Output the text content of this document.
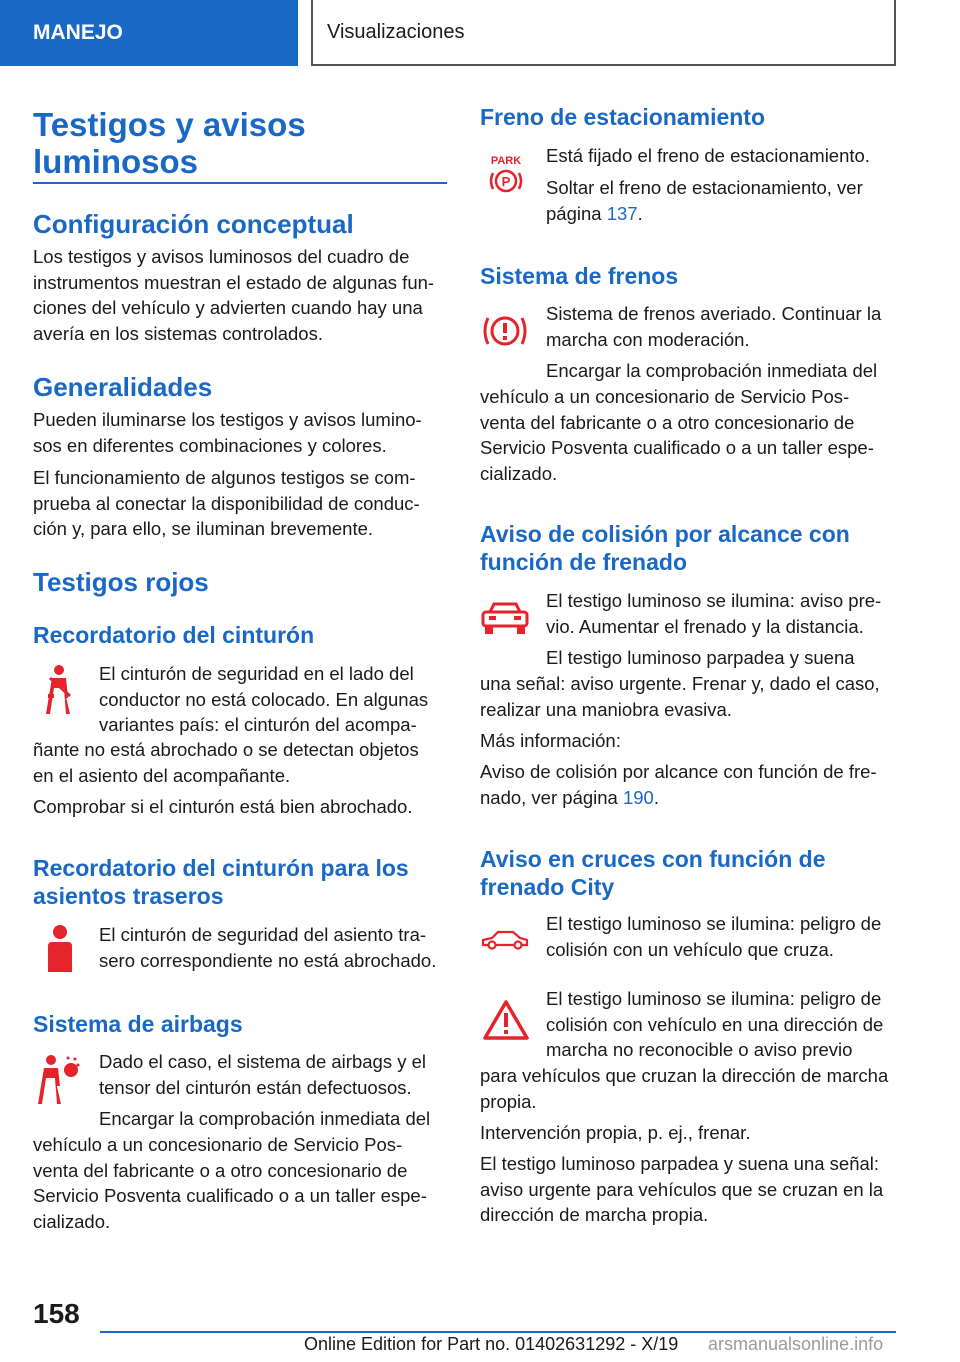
MANEJO	Visualizaciones
Testigos y avisos
luminosos
Configuración conceptual
Los testigos y avisos luminosos del cuadro de
instrumentos muestran el estado de algunas fun-
ciones del vehículo y advierten cuando hay una
avería en los sistemas controlados.
Generalidades
Pueden iluminarse los testigos y avisos lumino-
sos en diferentes combinaciones y colores.
El funcionamiento de algunos testigos se com-
prueba al conectar la disponibilidad de conduc-
ción y, para ello, se iluminan brevemente.
Testigos rojos
Recordatorio del cinturón
El cinturón de seguridad en el lado del
conductor no está colocado. En algunas
variantes país: el cinturón del acompa-
ñante no está abrochado o se detectan objetos
en el asiento del acompañante.
Comprobar si el cinturón está bien abrochado.
Recordatorio del cinturón para los
asientos traseros
El cinturón de seguridad del asiento tra-
sero correspondiente no está abrochado.
Sistema de airbags
Dado el caso, el sistema de airbags y el
tensor del cinturón están defectuosos.
Encargar la comprobación inmediata del
vehículo a un concesionario de Servicio Pos-
venta del fabricante o a otro concesionario de
Servicio Posventa cualificado o a un taller espe-
cializado.
Freno de estacionamiento
PARK
P
Está fijado el freno de estacionamiento.
Soltar el freno de estacionamiento, ver
página 137.
Sistema de frenos
Sistema de frenos averiado. Continuar la
marcha con moderación.
Encargar la comprobación inmediata del
vehículo a un concesionario de Servicio Pos-
venta del fabricante o a otro concesionario de
Servicio Posventa cualificado o a un taller espe-
cializado.
Aviso de colisión por alcance con
función de frenado
El testigo luminoso se ilumina: aviso pre-
vio. Aumentar el frenado y la distancia.
El testigo luminoso parpadea y suena
una señal: aviso urgente. Frenar y, dado el caso,
realizar una maniobra evasiva.
Más información:
Aviso de colisión por alcance con función de fre-
nado, ver página 190.
Aviso en cruces con función de
frenado City
El testigo luminoso se ilumina: peligro de
colisión con un vehículo que cruza.
El testigo luminoso se ilumina: peligro de
colisión con vehículo en una dirección de
marcha no reconocible o aviso previo
para vehículos que cruzan la dirección de marcha
propia.
Intervención propia, p. ej., frenar.
El testigo luminoso parpadea y suena una señal:
aviso urgente para vehículos que se cruzan en la
dirección de marcha propia.
158
Online Edition for Part no. 01402631292 - X/19 arsmanualsonline.info
